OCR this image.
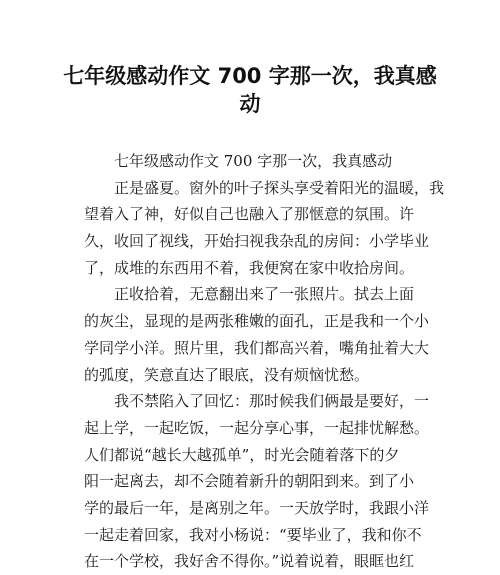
七年级感动作文 700 字那一次，我真感
动
七年级感动作文 700 字那一次，我真感动
正是盛夏。窗外的叶子探头享受着阳光的温暖，我
望着入了神，好似自己也融入了那惬意的氛围。许
久，收回了视线，开始扫视我杂乱的房间：小学毕业
了，成堆的东西用不着，我便窝在家中收拾房间。
正收拾着，无意翻出来了一张照片。拭去上面
的灰尘，显现的是两张稚嫩的面孔，正是我和一个小
学同学小洋。照片里，我们都高兴着，嘴角扯着大大
的弧度，笑意直达了眼底，没有烦恼忧愁。
我不禁陷入了回忆：那时候我们俩最是要好，一
起上学，一起吃饭，一起分享心事，一起排忧解愁。
人们都说“越长大越孤单”，时光会随着落下的夕
阳一起离去，却不会随着新升的朝阳到来。到了小
学的最后一年，是离别之年。一天放学时，我跟小洋
一起走着回家，我对小杨说：“要毕业了，我和你不
在一个学校，我好舍不得你。”说着说着，眼眶也红
